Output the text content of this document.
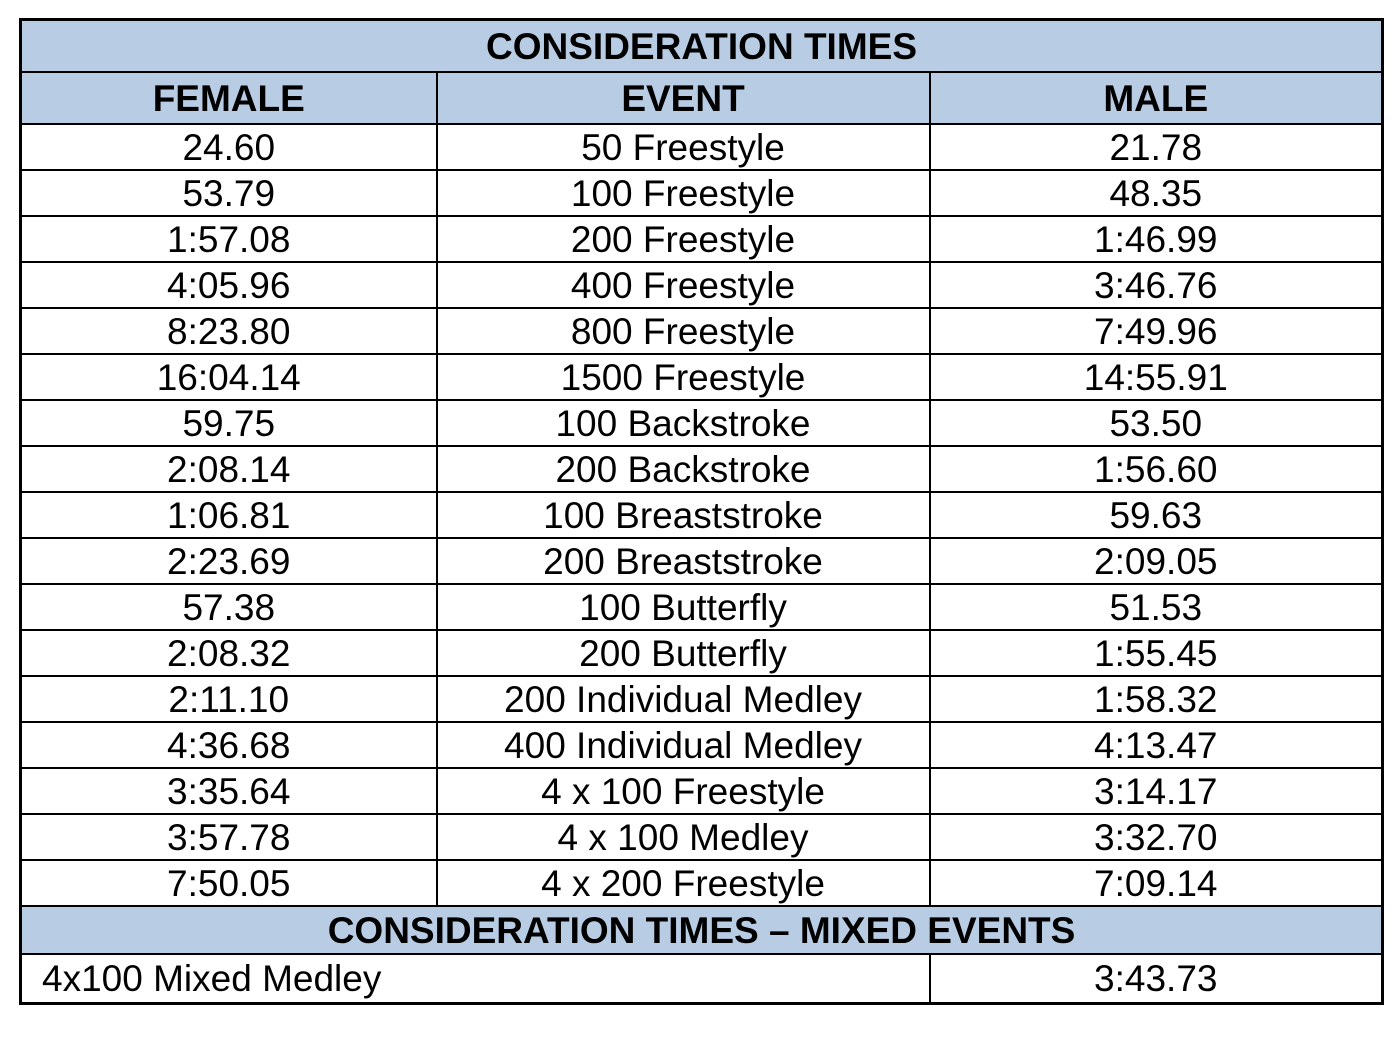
CONSIDERATION TIMES		
FEMALE	EVENT	MALE
24.60	50 Freestyle	21.78
53.79	100 Freestyle	48.35
1:57.08	200 Freestyle	1:46.99
4:05.96	400 Freestyle	3:46.76
8:23.80	800 Freestyle	7:49.96
16:04.14	1500 Freestyle	14:55.91
59.75	100 Backstroke	53.50
2:08.14	200 Backstroke	1:56.60
1:06.81	100 Breaststroke	59.63
2:23.69	200 Breaststroke	2:09.05
57.38	100 Butterfly	51.53
2:08.32	200 Butterfly	1:55.45
2:11.10	200 Individual Medley	1:58.32
4:36.68	400 Individual Medley	4:13.47
3:35.64	4 x 100 Freestyle	3:14.17
3:57.78	4 x 100 Medley	3:32.70
7:50.05	4 x 200 Freestyle	7:09.14
CONSIDERATION TIMES – MIXED EVENTS		
4x100 Mixed Medley		3:43.73
